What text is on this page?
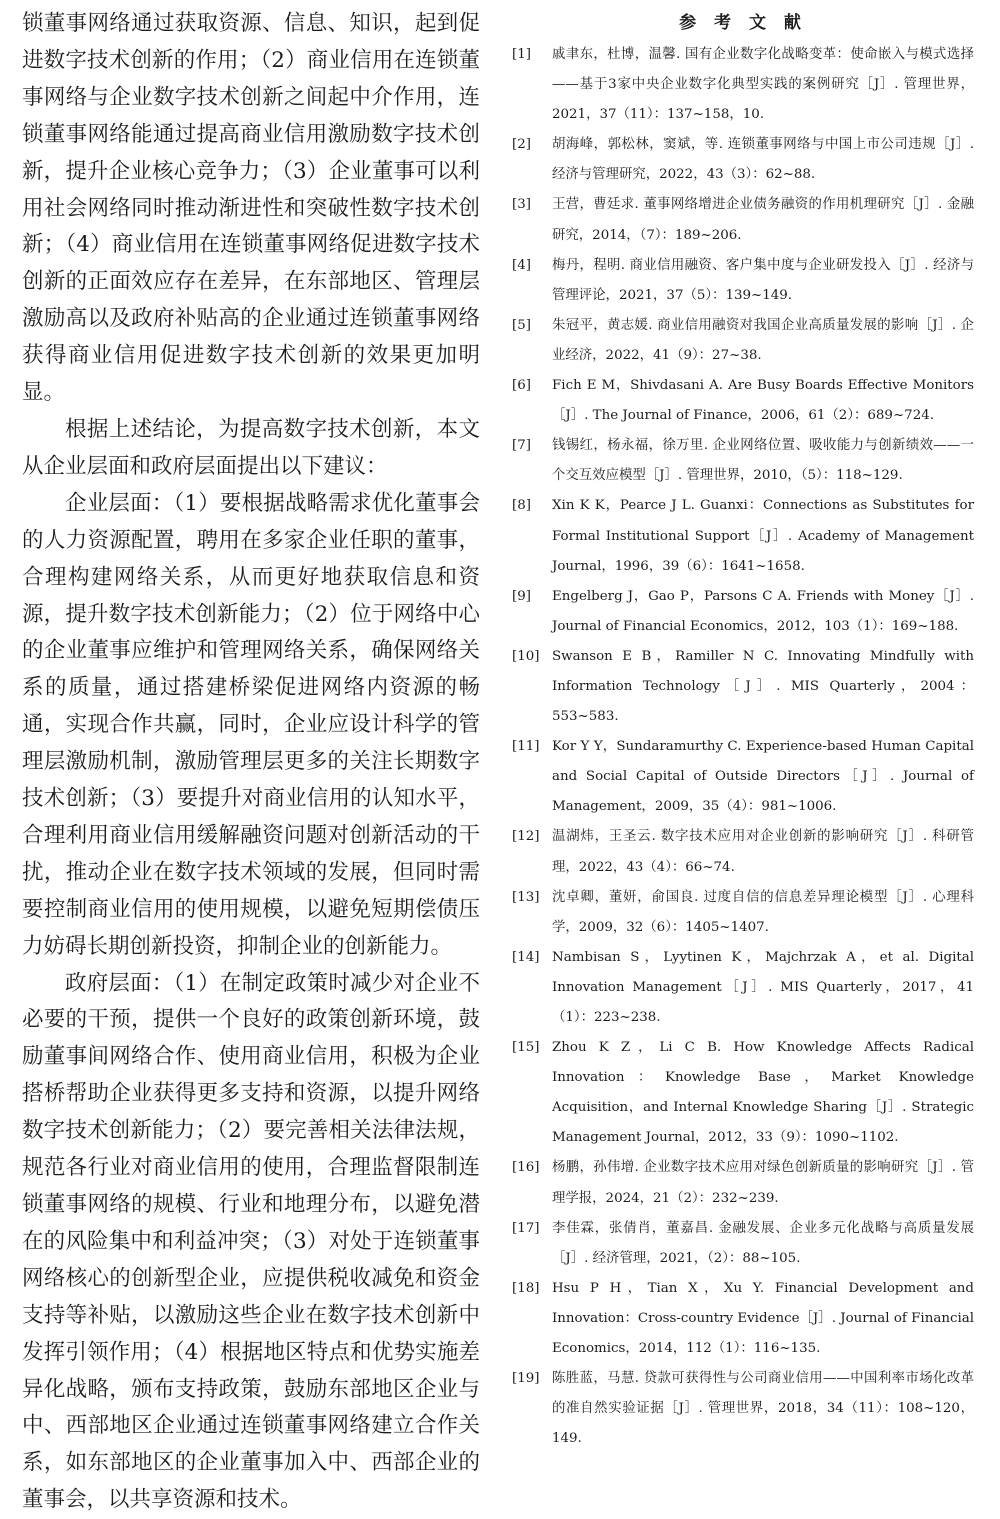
锁董事网络通过获取资源、信息、知识，起到促进数字技术创新的作用；（2）商业信用在连锁董事网络与企业数字技术创新之间起中介作用，连锁董事网络能通过提高商业信用激励数字技术创新，提升企业核心竞争力；（3）企业董事可以利用社会网络同时推动渐进性和突破性数字技术创新；（4）商业信用在连锁董事网络促进数字技术创新的正面效应存在差异，在东部地区、管理层激励高以及政府补贴高的企业通过连锁董事网络获得商业信用促进数字技术创新的效果更加明显。

根据上述结论，为提高数字技术创新，本文从企业层面和政府层面提出以下建议：

企业层面：（1）要根据战略需求优化董事会的人力资源配置，聘用在多家企业任职的董事，合理构建网络关系，从而更好地获取信息和资源，提升数字技术创新能力；（2）位于网络中心的企业董事应维护和管理网络关系，确保网络关系的质量，通过搭建桥梁促进网络内资源的畅通，实现合作共赢，同时，企业应设计科学的管理层激励机制，激励管理层更多的关注长期数字技术创新；（3）要提升对商业信用的认知水平，合理利用商业信用缓解融资问题对创新活动的干扰，推动企业在数字技术领域的发展，但同时需要控制商业信用的使用规模，以避免短期偿债压力妨碍长期创新投资，抑制企业的创新能力。

政府层面：（1）在制定政策时减少对企业不必要的干预，提供一个良好的政策创新环境，鼓励董事间网络合作、使用商业信用，积极为企业搭桥帮助企业获得更多支持和资源，以提升网络数字技术创新能力；（2）要完善相关法律法规，规范各行业对商业信用的使用，合理监督限制连锁董事网络的规模、行业和地理分布，以避免潜在的风险集中和利益冲突；（3）对处于连锁董事网络核心的创新型企业，应提供税收减免和资金支持等补贴，以激励这些企业在数字技术创新中发挥引领作用；（4）根据地区特点和优势实施差异化战略，颁布支持政策，鼓励东部地区企业与中、西部地区企业通过连锁董事网络建立合作关系，如东部地区的企业董事加入中、西部企业的董事会，以共享资源和技术。

参 考 文 献
[1]	戚聿东，杜博，温馨. 国有企业数字化战略变革：使命嵌入与模式选择——基于3家中央企业数字化典型实践的案例研究［J］. 管理世界，2021，37（11）：137~158，10.
[2]	胡海峰，郭松林，窦斌，等. 连锁董事网络与中国上市公司违规［J］. 经济与管理研究，2022，43（3）：62~88.
[3]	王营，曹廷求. 董事网络增进企业债务融资的作用机理研究［J］. 金融研究，2014，（7）：189~206.
[4]	梅丹，程明. 商业信用融资、客户集中度与企业研发投入［J］. 经济与管理评论，2021，37（5）：139~149.
[5]	朱冠平，黄志媛. 商业信用融资对我国企业高质量发展的影响［J］. 企业经济，2022，41（9）：27~38.
[6]	Fich E M，Shivdasani A. Are Busy Boards Effective Monitors［J］. The Journal of Finance，2006，61（2）：689~724.
[7]	钱锡红，杨永福，徐万里. 企业网络位置、吸收能力与创新绩效——一个交互效应模型［J］. 管理世界，2010，（5）：118~129.
[8]	Xin K K，Pearce J L. Guanxi：Connections as Substitutes for Formal Institutional Support［J］. Academy of Management Journal，1996，39（6）：1641~1658.
[9]	Engelberg J，Gao P，Parsons C A. Friends with Money［J］. Journal of Financial Economics，2012，103（1）：169~188.
[10] Swanson E B，Ramiller N C. Innovating Mindfully with Information Technology［J］. MIS Quarterly，2004：553~583.
[11] Kor Y Y，Sundaramurthy C. Experience-based Human Capital and Social Capital of Outside Directors［J］. Journal of Management，2009，35（4）：981~1006.
[12] 温湖炜，王圣云. 数字技术应用对企业创新的影响研究［J］. 科研管理，2022，43（4）：66~74.
[13] 沈卓卿，董妍，俞国良. 过度自信的信息差异理论模型［J］. 心理科学，2009，32（6）：1405~1407.
[14] Nambisan S，Lyytinen K，Majchrzak A，et al. Digital Innovation Management［J］. MIS Quarterly，2017，41（1）：223~238.
[15] Zhou K Z，Li C B. How Knowledge Affects Radical Innovation：Knowledge Base，Market Knowledge Acquisition，and Internal Knowledge Sharing［J］. Strategic Management Journal，2012，33（9）：1090~1102.
[16] 杨鹏，孙伟增. 企业数字技术应用对绿色创新质量的影响研究［J］. 管理学报，2024，21（2）：232~239.
[17] 李佳霖，张倩肖，董嘉昌. 金融发展、企业多元化战略与高质量发展［J］. 经济管理，2021，（2）：88~105.
[18] Hsu P H，Tian X，Xu Y. Financial Development and Innovation：Cross-country Evidence［J］. Journal of Financial Economics，2014，112（1）：116~135.
[19] 陈胜蓝，马慧. 贷款可获得性与公司商业信用——中国利率市场化改革的准自然实验证据［J］. 管理世界，2018，34（11）：108~120，149.
